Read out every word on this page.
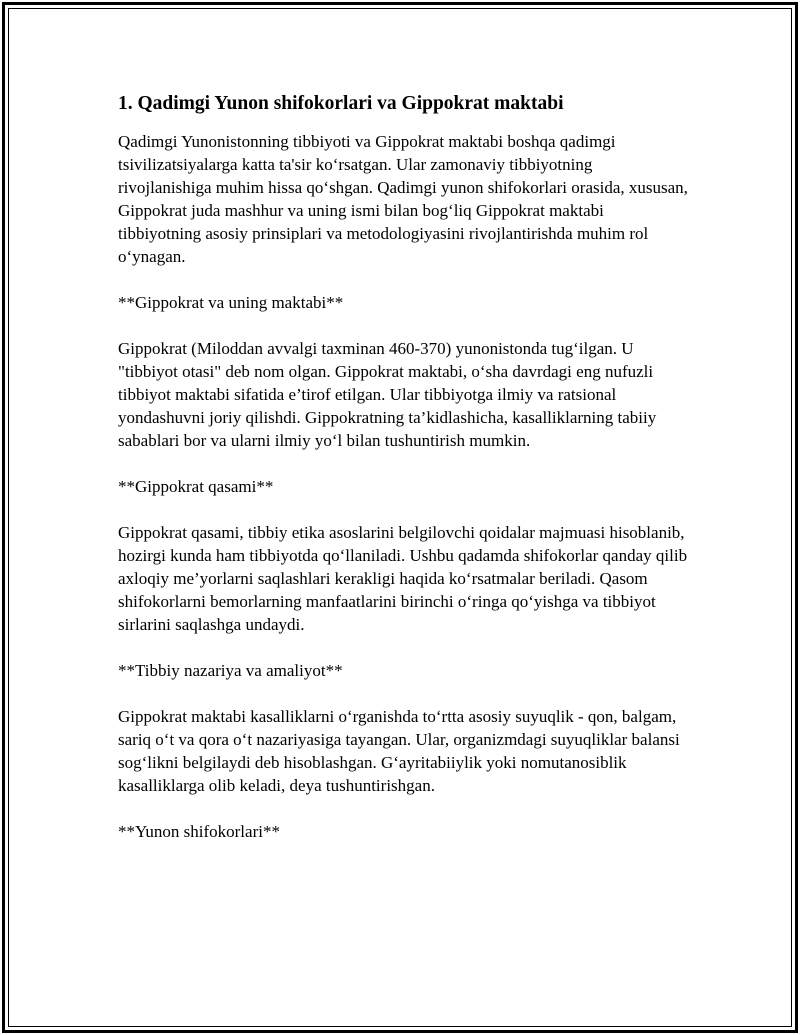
1. Qadimgi Yunon shifokorlari va Gippokrat maktabi

Qadimgi Yunonistonning tibbiyoti va Gippokrat maktabi boshqa qadimgi tsivilizatsiyalarga katta ta'sir ko‘rsatgan. Ular zamonaviy tibbiyotning rivojlanishiga muhim hissa qo‘shgan. Qadimgi yunon shifokorlari orasida, xususan, Gippokrat juda mashhur va uning ismi bilan bog‘liq Gippokrat maktabi tibbiyotning asosiy prinsiplari va metodologiyasini rivojlantirishda muhim rol o‘ynagan.

**Gippokrat va uning maktabi**

Gippokrat (Miloddan avvalgi taxminan 460-370) yunonistonda tug‘ilgan. U "tibbiyot otasi" deb nom olgan. Gippokrat maktabi, o‘sha davrdagi eng nufuzli tibbiyot maktabi sifatida e’tirof etilgan. Ular tibbiyotga ilmiy va ratsional yondashuvni joriy qilishdi. Gippokratning ta’kidlashicha, kasalliklarning tabiiy sabablari bor va ularni ilmiy yo‘l bilan tushuntirish mumkin.

**Gippokrat qasami**

Gippokrat qasami, tibbiy etika asoslarini belgilovchi qoidalar majmuasi hisoblanib, hozirgi kunda ham tibbiyotda qo‘llaniladi. Ushbu qadamda shifokorlar qanday qilib axloqiy me’yorlarni saqlashlari kerakligi haqida ko‘rsatmalar beriladi. Qasom shifokorlarni bemorlarning manfaatlarini birinchi o‘ringa qo‘yishga va tibbiyot sirlarini saqlashga undaydi.

**Tibbiy nazariya va amaliyot**

Gippokrat maktabi kasalliklarni o‘rganishda to‘rtta asosiy suyuqlik - qon, balgam, sariq o‘t va qora o‘t nazariyasiga tayangan. Ular, organizmdagi suyuqliklar balansi sog‘likni belgilaydi deb hisoblashgan. G‘ayritabiiylik yoki nomutanosiblik kasalliklarga olib keladi, deya tushuntirishgan.

**Yunon shifokorlari**
